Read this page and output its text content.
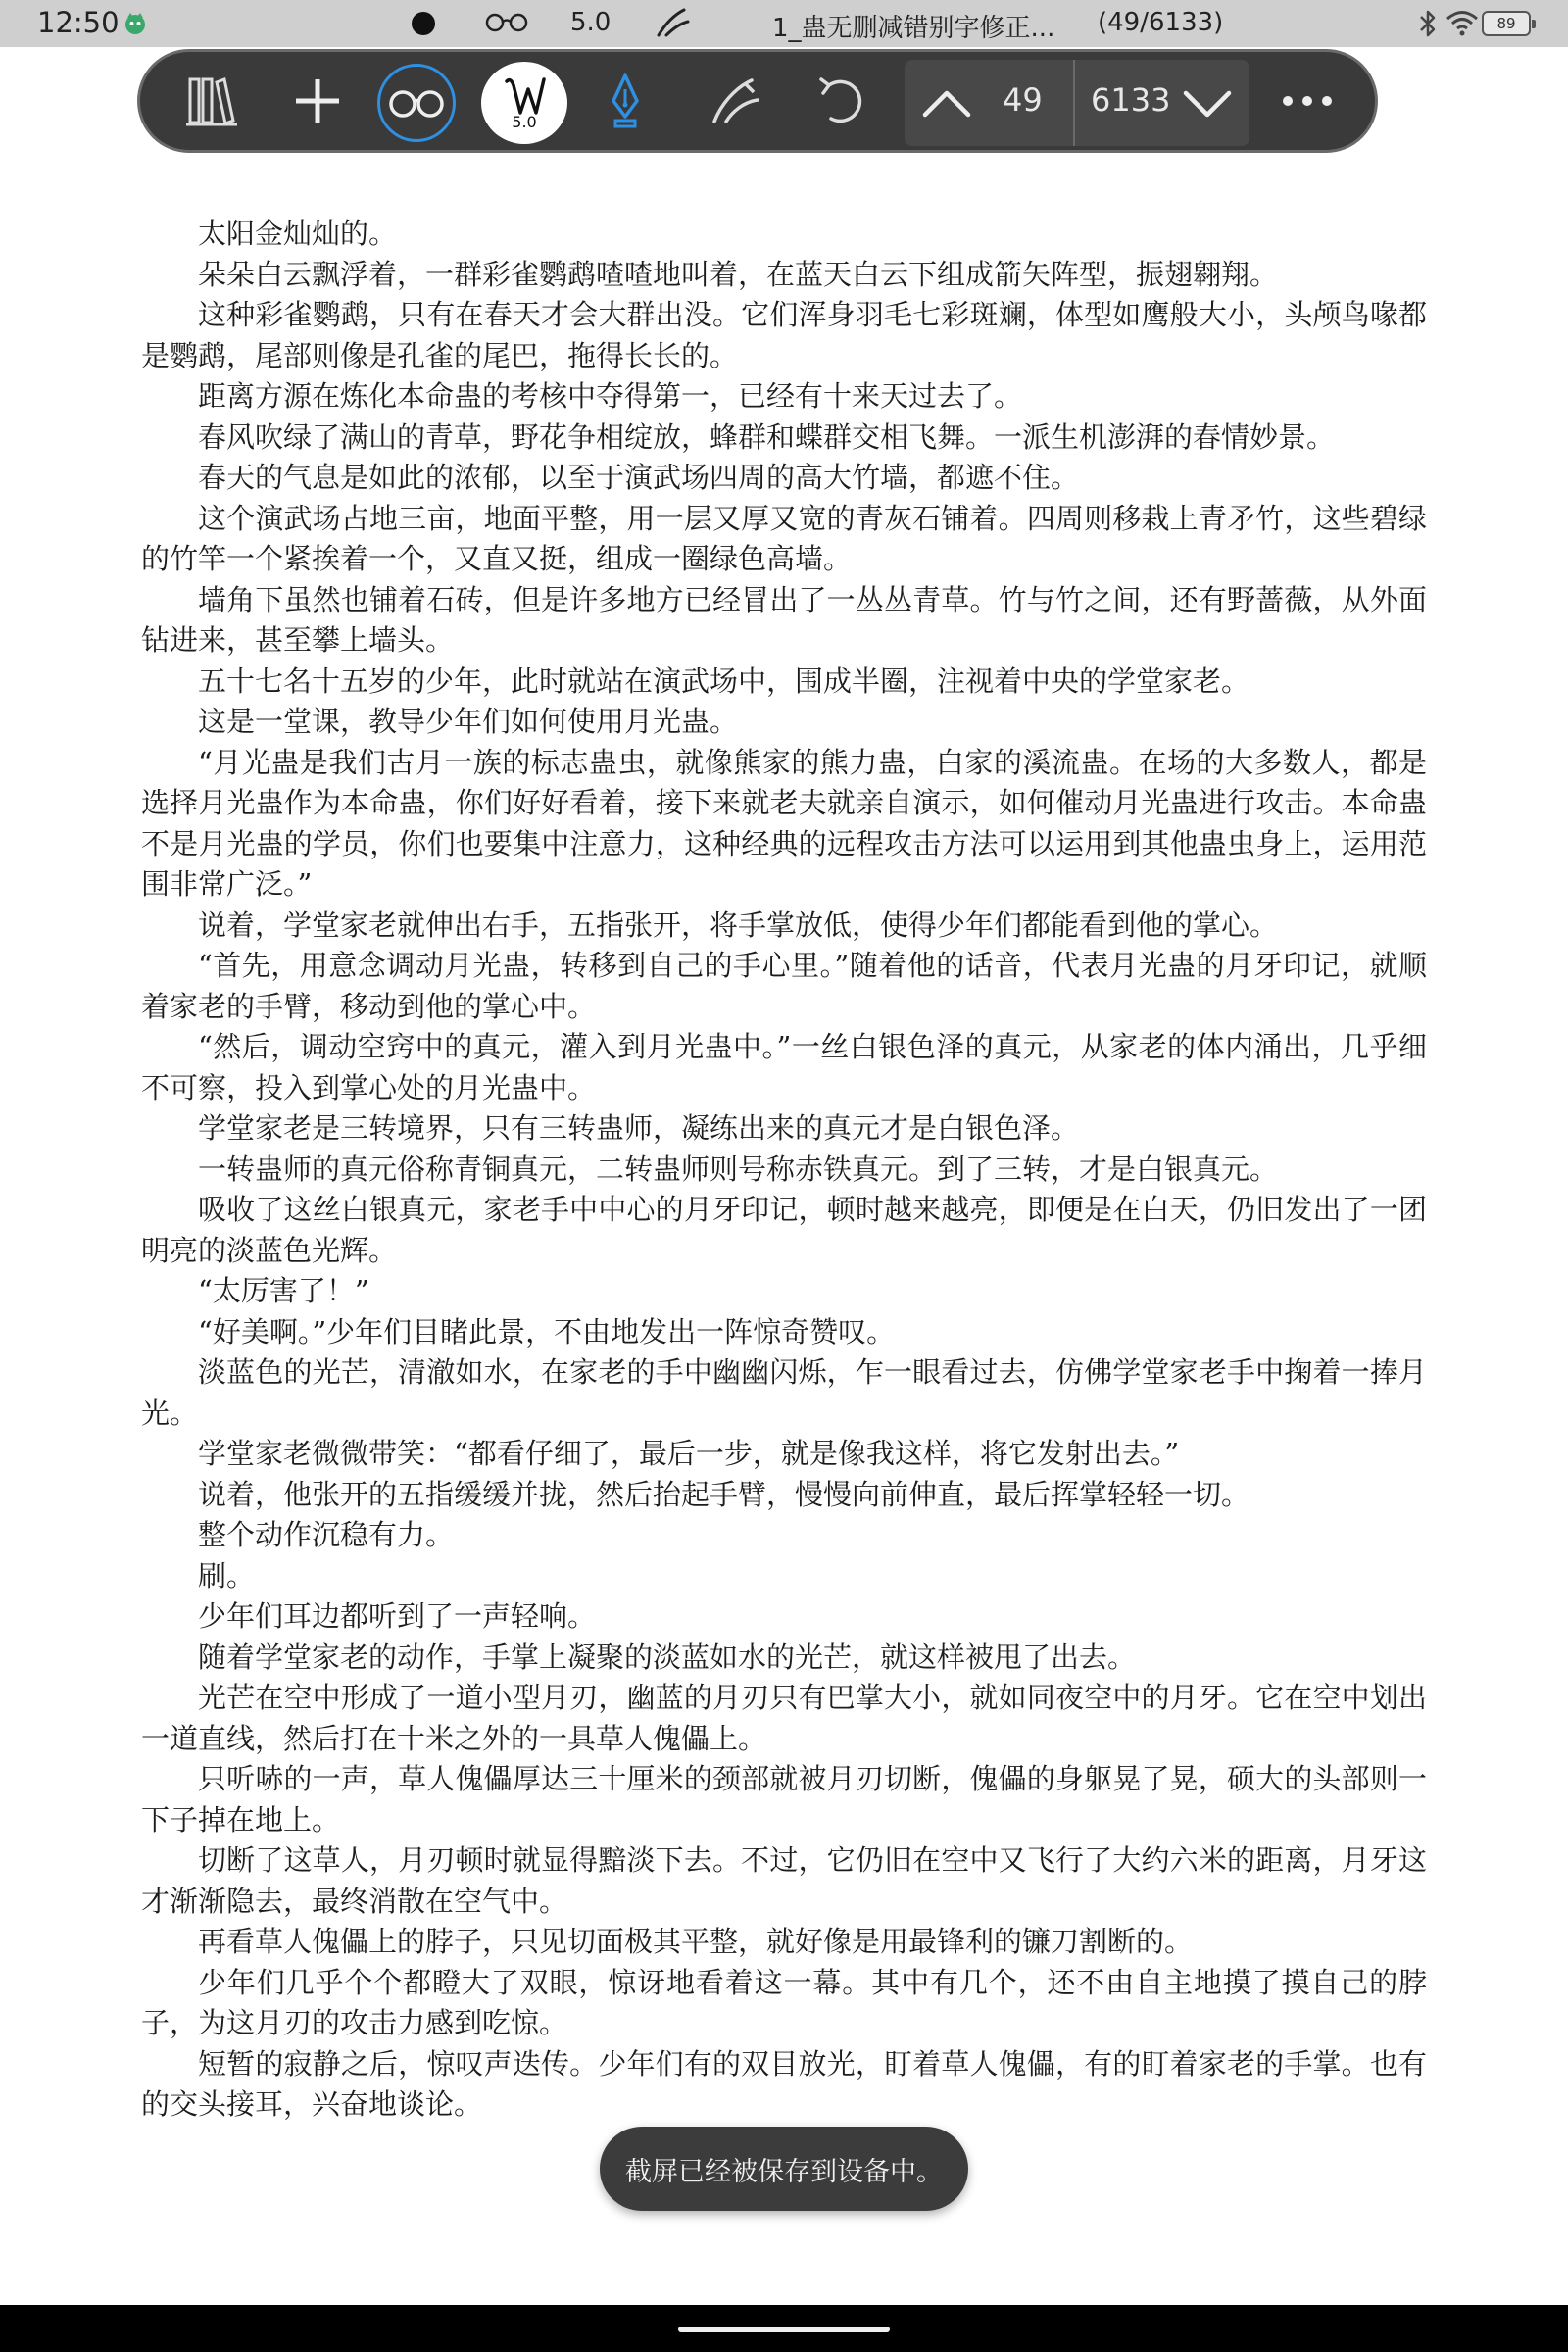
12:50	5.0	1_蛊无删减错别字修正... (49/6133)	89
5.0
49 6133

太阳金灿灿的。

朵朵白云飘浮着，一群彩雀鹦鹉喳喳地叫着，在蓝天白云下组成箭矢阵型，振翅翱翔。

这种彩雀鹦鹉，只有在春天才会大群出没。它们浑身羽毛七彩斑斓，体型如鹰般大小，头颅鸟喙都是鹦鹉，尾部则像是孔雀的尾巴，拖得长长的。

距离方源在炼化本命蛊的考核中夺得第一，已经有十来天过去了。

春风吹绿了满山的青草，野花争相绽放，蜂群和蝶群交相飞舞。一派生机澎湃的春情妙景。

春天的气息是如此的浓郁，以至于演武场四周的高大竹墙，都遮不住。

这个演武场占地三亩，地面平整，用一层又厚又宽的青灰石铺着。四周则移栽上青矛竹，这些碧绿的竹竿一个紧挨着一个，又直又挺，组成一圈绿色高墙。

墙角下虽然也铺着石砖，但是许多地方已经冒出了一丛丛青草。竹与竹之间，还有野蔷薇，从外面钻进来，甚至攀上墙头。

五十七名十五岁的少年，此时就站在演武场中，围成半圈，注视着中央的学堂家老。

这是一堂课，教导少年们如何使用月光蛊。

“月光蛊是我们古月一族的标志蛊虫，就像熊家的熊力蛊，白家的溪流蛊。在场的大多数人，都是选择月光蛊作为本命蛊，你们好好看着，接下来就老夫就亲自演示，如何催动月光蛊进行攻击。本命蛊不是月光蛊的学员，你们也要集中注意力，这种经典的远程攻击方法可以运用到其他蛊虫身上，运用范围非常广泛。”

说着，学堂家老就伸出右手，五指张开，将手掌放低，使得少年们都能看到他的掌心。

“首先，用意念调动月光蛊，转移到自己的手心里。”随着他的话音，代表月光蛊的月牙印记，就顺着家老的手臂，移动到他的掌心中。

“然后，调动空窍中的真元，灌入到月光蛊中。”一丝白银色泽的真元，从家老的体内涌出，几乎细不可察，投入到掌心处的月光蛊中。

学堂家老是三转境界，只有三转蛊师，凝练出来的真元才是白银色泽。

一转蛊师的真元俗称青铜真元，二转蛊师则号称赤铁真元。到了三转，才是白银真元。

吸收了这丝白银真元，家老手中中心的月牙印记，顿时越来越亮，即便是在白天，仍旧发出了一团明亮的淡蓝色光辉。

“太厉害了！”

“好美啊。”少年们目睹此景，不由地发出一阵惊奇赞叹。

淡蓝色的光芒，清澈如水，在家老的手中幽幽闪烁，乍一眼看过去，仿佛学堂家老手中掬着一捧月光。

学堂家老微微带笑：“都看仔细了，最后一步，就是像我这样，将它发射出去。”

说着，他张开的五指缓缓并拢，然后抬起手臂，慢慢向前伸直，最后挥掌轻轻一切。

整个动作沉稳有力。

刷。

少年们耳边都听到了一声轻响。

随着学堂家老的动作，手掌上凝聚的淡蓝如水的光芒，就这样被甩了出去。

光芒在空中形成了一道小型月刃，幽蓝的月刃只有巴掌大小，就如同夜空中的月牙。它在空中划出一道直线，然后打在十米之外的一具草人傀儡上。

只听哧的一声，草人傀儡厚达三十厘米的颈部就被月刃切断，傀儡的身躯晃了晃，硕大的头部则一下子掉在地上。

切断了这草人，月刃顿时就显得黯淡下去。不过，它仍旧在空中又飞行了大约六米的距离，月牙这才渐渐隐去，最终消散在空气中。

再看草人傀儡上的脖子，只见切面极其平整，就好像是用最锋利的镰刀割断的。

少年们几乎个个都瞪大了双眼，惊讶地看着这一幕。其中有几个，还不由自主地摸了摸自己的脖子，为这月刃的攻击力感到吃惊。

短暂的寂静之后，惊叹声迭传。少年们有的双目放光，盯着草人傀儡，有的盯着家老的手掌。也有的交头接耳，兴奋地谈论。

截屏已经被保存到设备中。
